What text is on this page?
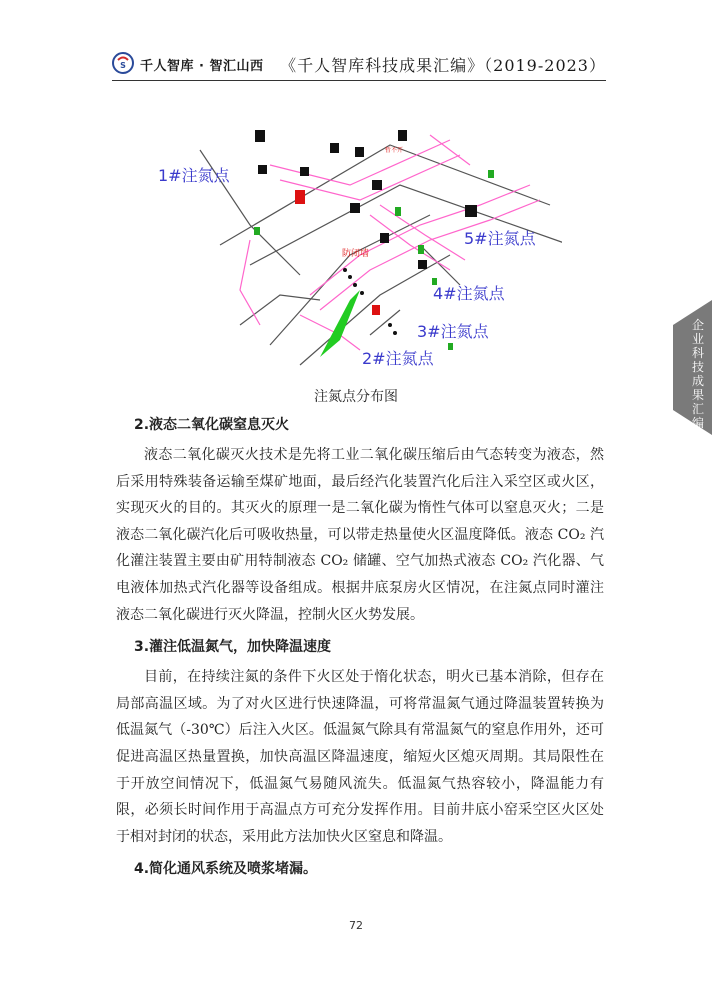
S 千人智库 · 智汇山西 《千人智库科技成果汇编》（2019-2023）
1#注氮点
5#注氮点
4#注氮点
3#注氮点
2#注氮点
防闭墙
暂不开
企业科技成果汇编
注氮点分布图
2.液态二氧化碳窒息灭火

液态二氧化碳灭火技术是先将工业二氧化碳压缩后由气态转变为液态，然后采用特殊装备运输至煤矿地面，最后经汽化装置汽化后注入采空区或火区，实现灭火的目的。其灭火的原理一是二氧化碳为惰性气体可以窒息灭火；二是液态二氧化碳汽化后可吸收热量，可以带走热量使火区温度降低。液态 CO₂ 汽化灌注装置主要由矿用特制液态 CO₂ 储罐、空气加热式液态 CO₂ 汽化器、气电液体加热式汽化器等设备组成。根据井底泵房火区情况，在注氮点同时灌注液态二氧化碳进行灭火降温，控制火区火势发展。

3.灌注低温氮气，加快降温速度

目前，在持续注氮的条件下火区处于惰化状态，明火已基本消除，但存在局部高温区域。为了对火区进行快速降温，可将常温氮气通过降温装置转换为低温氮气（-30℃）后注入火区。低温氮气除具有常温氮气的窒息作用外，还可促进高温区热量置换，加快高温区降温速度，缩短火区熄灭周期。其局限性在于开放空间情况下，低温氮气易随风流失。低温氮气热容较小，降温能力有限，必须长时间作用于高温点方可充分发挥作用。目前井底小窑采空区火区处于相对封闭的状态，采用此方法加快火区窒息和降温。

4.简化通风系统及喷浆堵漏。
72
